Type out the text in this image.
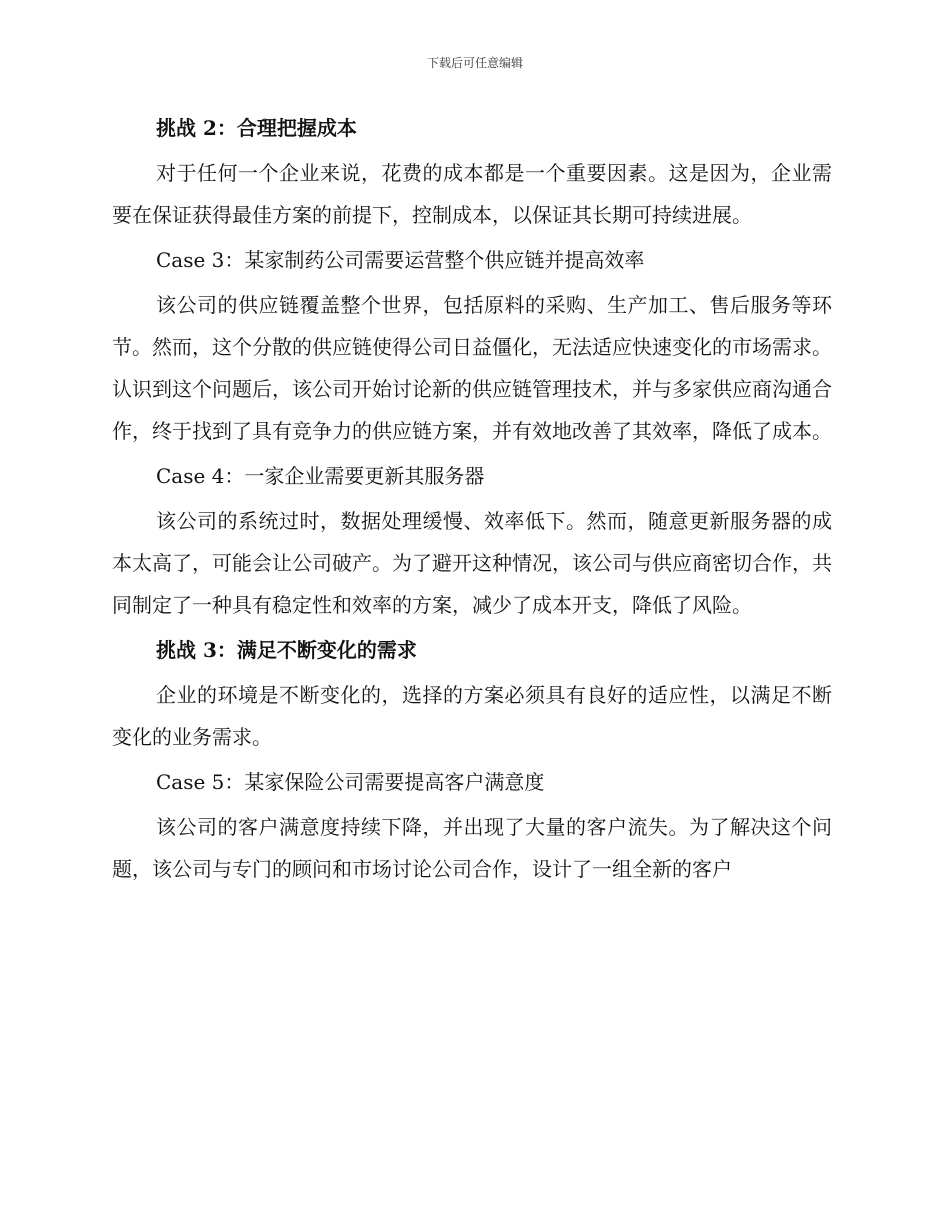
下载后可任意编辑

挑战 2：合理把握成本

对于任何一个企业来说，花费的成本都是一个重要因素。这是因为，企业需要在保证获得最佳方案的前提下，控制成本，以保证其长期可持续进展。

Case 3：某家制药公司需要运营整个供应链并提高效率

该公司的供应链覆盖整个世界，包括原料的采购、生产加工、售后服务等环节。然而，这个分散的供应链使得公司日益僵化，无法适应快速变化的市场需求。认识到这个问题后，该公司开始讨论新的供应链管理技术，并与多家供应商沟通合作，终于找到了具有竞争力的供应链方案，并有效地改善了其效率，降低了成本。

Case 4：一家企业需要更新其服务器

该公司的系统过时，数据处理缓慢、效率低下。然而，随意更新服务器的成本太高了，可能会让公司破产。为了避开这种情况，该公司与供应商密切合作，共同制定了一种具有稳定性和效率的方案，减少了成本开支，降低了风险。

挑战 3：满足不断变化的需求

企业的环境是不断变化的，选择的方案必须具有良好的适应性，以满足不断变化的业务需求。

Case 5：某家保险公司需要提高客户满意度

该公司的客户满意度持续下降，并出现了大量的客户流失。为了解决这个问题，该公司与专门的顾问和市场讨论公司合作，设计了一组全新的客户
